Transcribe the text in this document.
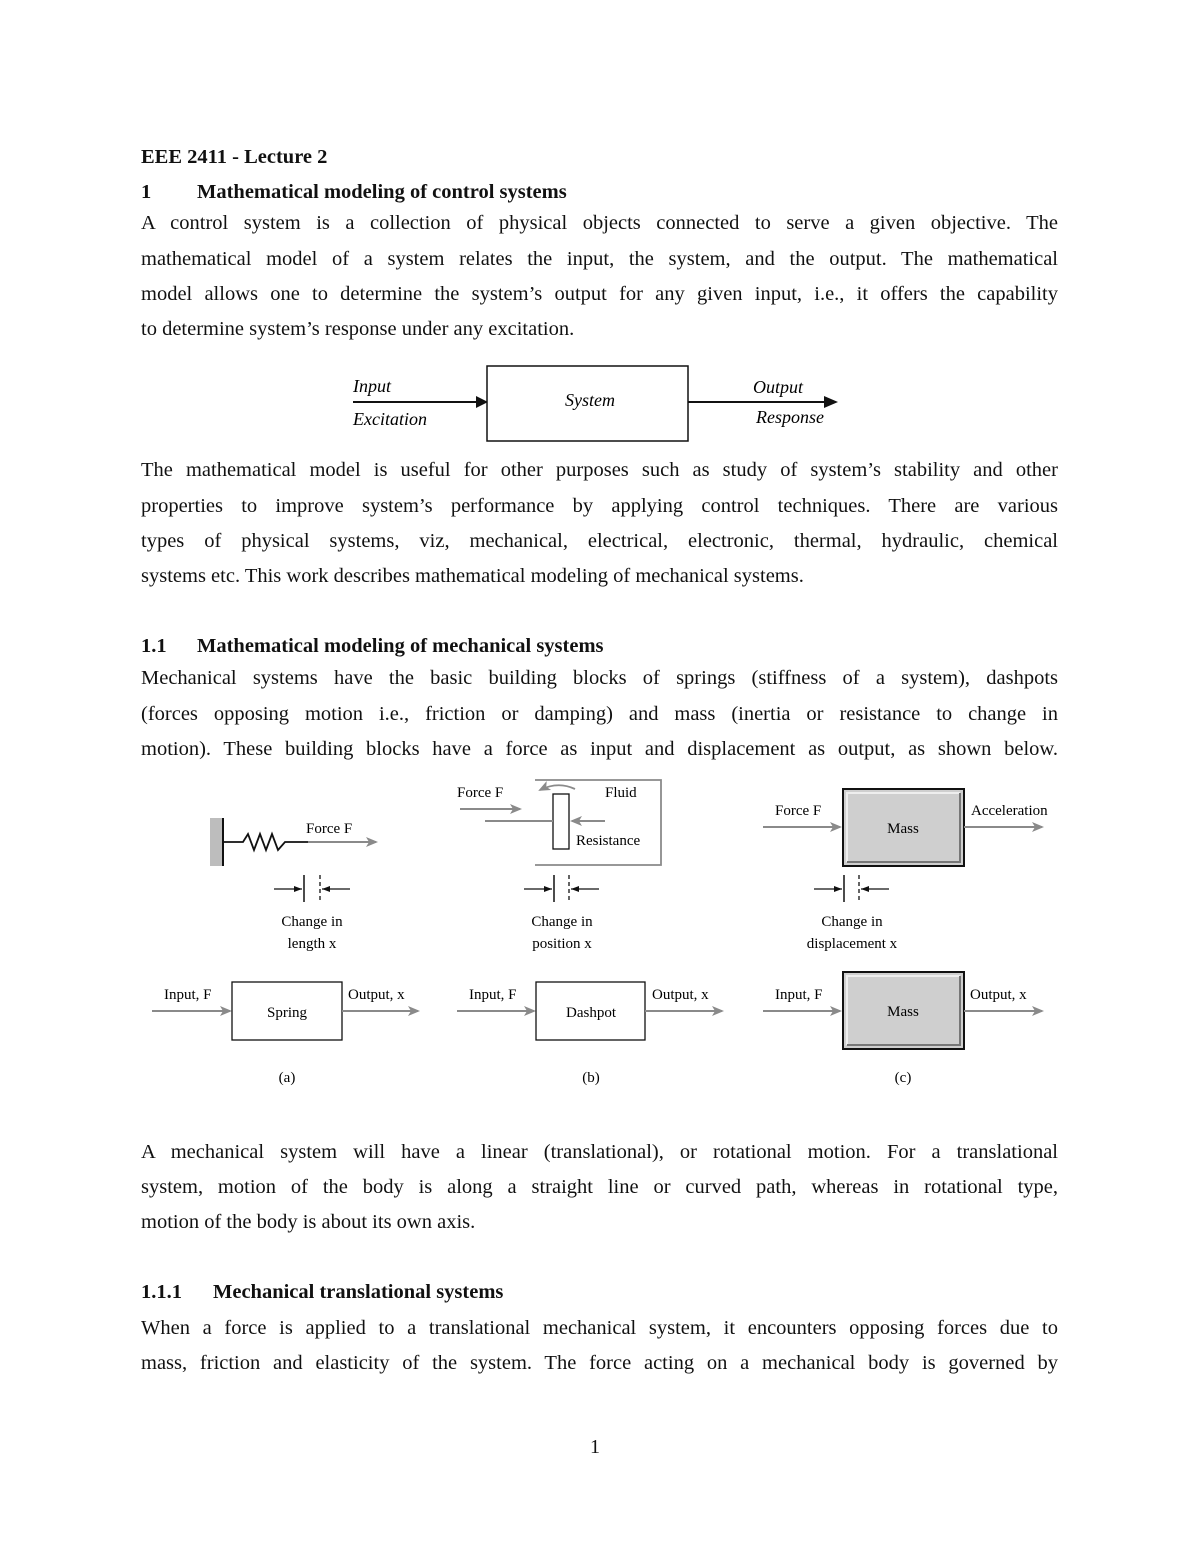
EEE 2411 - Lecture 2
1 Mathematical modeling of control systems
A control system is a collection of physical objects connected to serve a given objective. The
mathematical model of a system relates the input, the system, and the output. The mathematical
model allows one to determine the system’s output for any given input, i.e., it offers the capability
to determine system’s response under any excitation.
Input
Excitation
System
Output
Response
The mathematical model is useful for other purposes such as study of system’s stability and other
properties to improve system’s performance by applying control techniques. There are various
types of physical systems, viz, mechanical, electrical, electronic, thermal, hydraulic, chemical
systems etc. This work describes mathematical modeling of mechanical systems.
1.1 Mathematical modeling of mechanical systems
Mechanical systems have the basic building blocks of springs (stiffness of a system), dashpots
(forces opposing motion i.e., friction or damping) and mass (inertia or resistance to change in
motion). These building blocks have a force as input and displacement as output, as shown below.
Force F
Change in
length x
Spring
Input, F	Output, x
(a)
Force F	Fluid
Resistance
Change in
position x
Dashpot
Input, F	Output, x
(b)
Mass
Force F	Acceleration
Change in
displacement x
Mass
Input, F	Output, x
(c)
A mechanical system will have a linear (translational), or rotational motion. For a translational
system, motion of the body is along a straight line or curved path, whereas in rotational type,
motion of the body is about its own axis.
1.1.1 Mechanical translational systems
When a force is applied to a translational mechanical system, it encounters opposing forces due to
mass, friction and elasticity of the system. The force acting on a mechanical body is governed by
1
